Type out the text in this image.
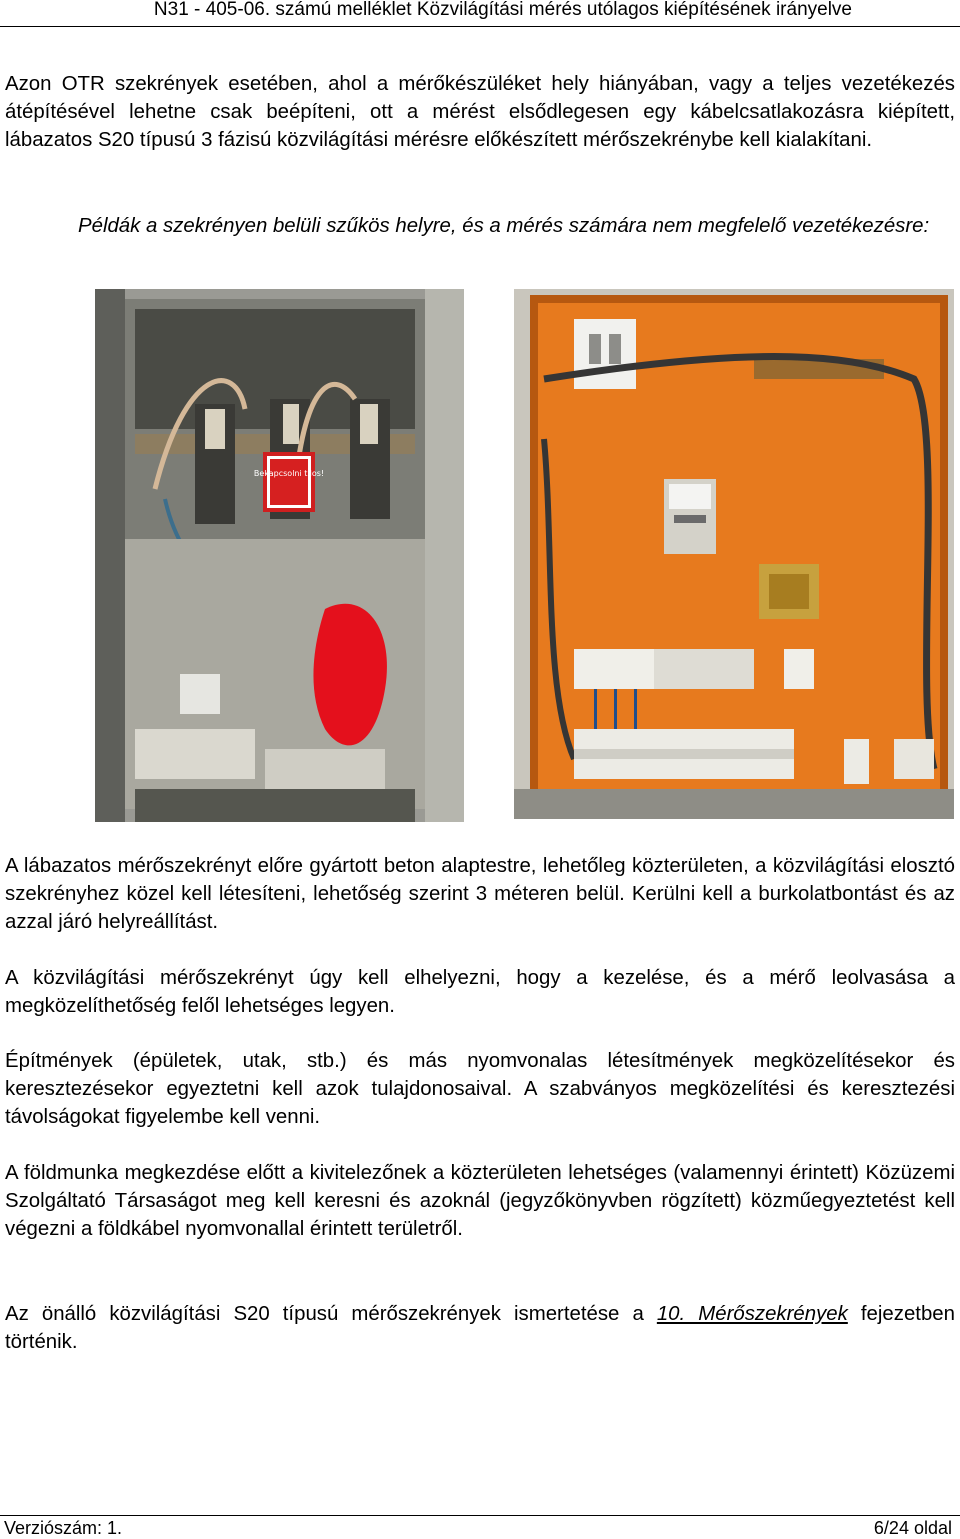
N31 - 405-06. számú melléklet Közvilágítási mérés utólagos kiépítésének irányelve

Azon OTR szekrények esetében, ahol a mérőkészüléket hely hiányában, vagy a teljes vezetékezés átépítésével lehetne csak beépíteni, ott a mérést elsődlegesen egy kábelcsatlakozásra kiépített, lábazatos S20 típusú 3 fázisú közvilágítási mérésre előkészített mérőszekrénybe kell kialakítani.

Példák a szekrényen belüli szűkös helyre, és a mérés számára nem megfelelő vezetékezésre:

Bekapcsolni tilos!

A lábazatos mérőszekrényt előre gyártott beton alaptestre, lehetőleg közterületen, a közvilágítási elosztó szekrényhez közel kell létesíteni, lehetőség szerint 3 méteren belül. Kerülni kell a burkolatbontást és az azzal járó helyreállítást.

A közvilágítási mérőszekrényt úgy kell elhelyezni, hogy a kezelése, és a mérő leolvasása a megközelíthetőség felől lehetséges legyen.

Építmények (épületek, utak, stb.) és más nyomvonalas létesítmények megközelítésekor és keresztezésekor egyeztetni kell azok tulajdonosaival. A szabványos megközelítési és keresztezési távolságokat figyelembe kell venni.

A földmunka megkezdése előtt a kivitelezőnek a közterületen lehetséges (valamennyi érintett) Közüzemi Szolgáltató Társaságot meg kell keresni és azoknál (jegyzőkönyvben rögzített) közműegyeztetést kell végezni a földkábel nyomvonallal érintett területről.

Az önálló közvilágítási S20 típusú mérőszekrények ismertetése a 10. Mérőszekrények fejezetben történik.

Verziószám: 1.	6/24 oldal
